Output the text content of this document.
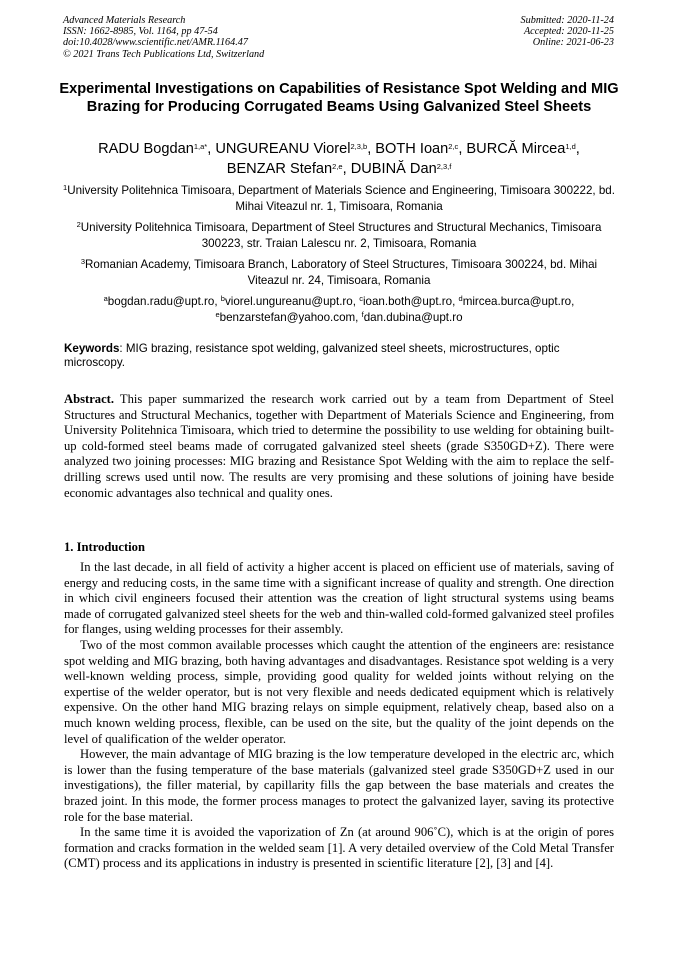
Advanced Materials Research
ISSN: 1662-8985, Vol. 1164, pp 47-54
doi:10.4028/www.scientific.net/AMR.1164.47
© 2021 Trans Tech Publications Ltd, Switzerland
Submitted: 2020-11-24
Accepted: 2020-11-25
Online: 2021-06-23
Experimental Investigations on Capabilities of Resistance Spot Welding and MIG Brazing for Producing Corrugated Beams Using Galvanized Steel Sheets
RADU Bogdan$^{1,a*}$, UNGUREANU Viorel$^{2,3,b}$, BOTH Ioan$^{2,c}$, BURCĂ Mircea$^{1,d}$,
BENZAR Stefan$^{2,e}$, DUBINĂ Dan$^{2,3,f}$
$^1$University Politehnica Timisoara, Department of Materials Science and Engineering, Timisoara 300222, bd. Mihai Viteazul nr. 1, Timisoara, Romania
$^2$University Politehnica Timisoara, Department of Steel Structures and Structural Mechanics, Timisoara 300223, str. Traian Lalescu nr. 2, Timisoara, Romania
$^3$Romanian Academy, Timisoara Branch, Laboratory of Steel Structures, Timisoara 300224, bd. Mihai Viteazul nr. 24, Timisoara, Romania
$^a$bogdan.radu@upt.ro, $^b$viorel.ungureanu@upt.ro, $^c$ioan.both@upt.ro, $^d$mircea.burca@upt.ro,
$^e$benzarstefan@yahoo.com, $^f$dan.dubina@upt.ro
Keywords: MIG brazing, resistance spot welding, galvanized steel sheets, microstructures, optic microscopy.
Abstract. This paper summarized the research work carried out by a team from Department of Steel Structures and Structural Mechanics, together with Department of Materials Science and Engineering, from University Politehnica Timisoara, which tried to determine the possibility to use welding for obtaining built-up cold-formed steel beams made of corrugated galvanized steel sheets (grade S350GD+Z). There were analyzed two joining processes: MIG brazing and Resistance Spot Welding with the aim to replace the self-drilling screws used until now. The results are very promising and these solutions of joining have beside economic advantages also technical and quality ones.
1. Introduction

In the last decade, in all field of activity a higher accent is placed on efficient use of materials, saving of energy and reducing costs, in the same time with a significant increase of quality and strength. One direction in which civil engineers focused their attention was the creation of light structural systems using beams made of corrugated galvanized steel sheets for the web and thin-walled cold-formed galvanized steel profiles for flanges, using welding processes for their assembly.

Two of the most common available processes which caught the attention of the engineers are: resistance spot welding and MIG brazing, both having advantages and disadvantages. Resistance spot welding is a very well-known welding process, simple, providing good quality for welded joints without relying on the expertise of the welder operator, but is not very flexible and needs dedicated equipment which is relatively expensive. On the other hand MIG brazing relays on simple equipment, relatively cheap, based also on a much known welding process, flexible, can be used on the site, but the quality of the joint depends on the level of qualification of the welder operator.

However, the main advantage of MIG brazing is the low temperature developed in the electric arc, which is lower than the fusing temperature of the base materials (galvanized steel grade S350GD+Z used in our investigations), the filler material, by capillarity fills the gap between the base materials and creates the brazed joint. In this mode, the former process manages to protect the galvanized layer, saving its protective role for the base material.

In the same time it is avoided the vaporization of Zn (at around 906˚C), which is at the origin of pores formation and cracks formation in the welded seam [1]. A very detailed overview of the Cold Metal Transfer (CMT) process and its applications in industry is presented in scientific literature [2], [3] and [4].
